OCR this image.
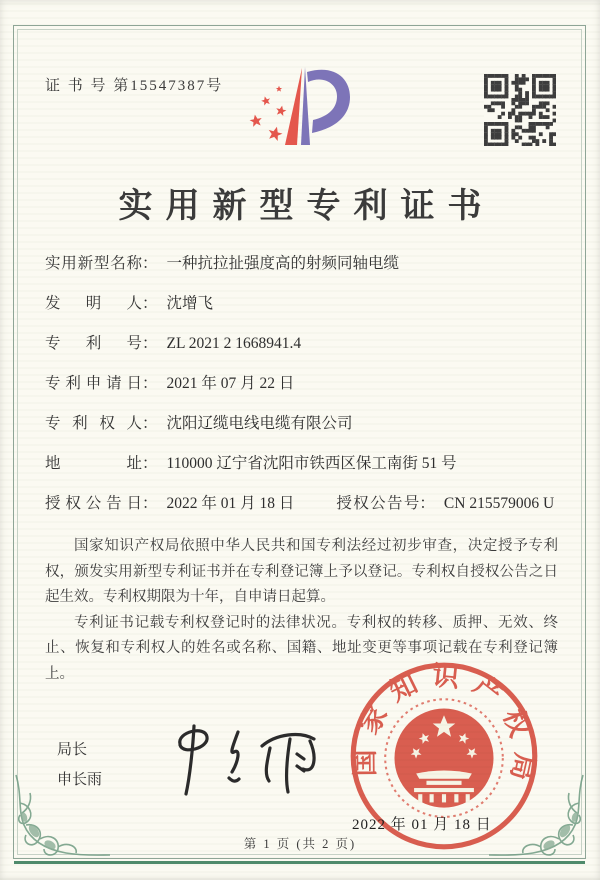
证 书 号 第15547387号
实用新型专利证书
实用新型名称： 一种抗拉扯强度高的射频同轴电缆
发明人： 沈增飞
专利号： ZL 2021 2 1668941.4
专利申请日： 2021 年 07 月 22 日
专利权人： 沈阳辽缆电线电缆有限公司
地址： 110000 辽宁省沈阳市铁西区保工南街 51 号
授权公告日： 2022 年 01 月 18 日	授权公告号： CN 215579006 U

国家知识产权局依照中华人民共和国专利法经过初步审查，决定授予专利权，颁发实用新型专利证书并在专利登记簿上予以登记。专利权自授权公告之日起生效。专利权期限为十年，自申请日起算。

专利证书记载专利权登记时的法律状况。专利权的转移、质押、无效、终止、恢复和专利权人的姓名或名称、国籍、地址变更等事项记载在专利登记簿上。

局长
申长雨
国家知识产权局
2022 年 01 月 18 日
第 1 页 (共 2 页)
